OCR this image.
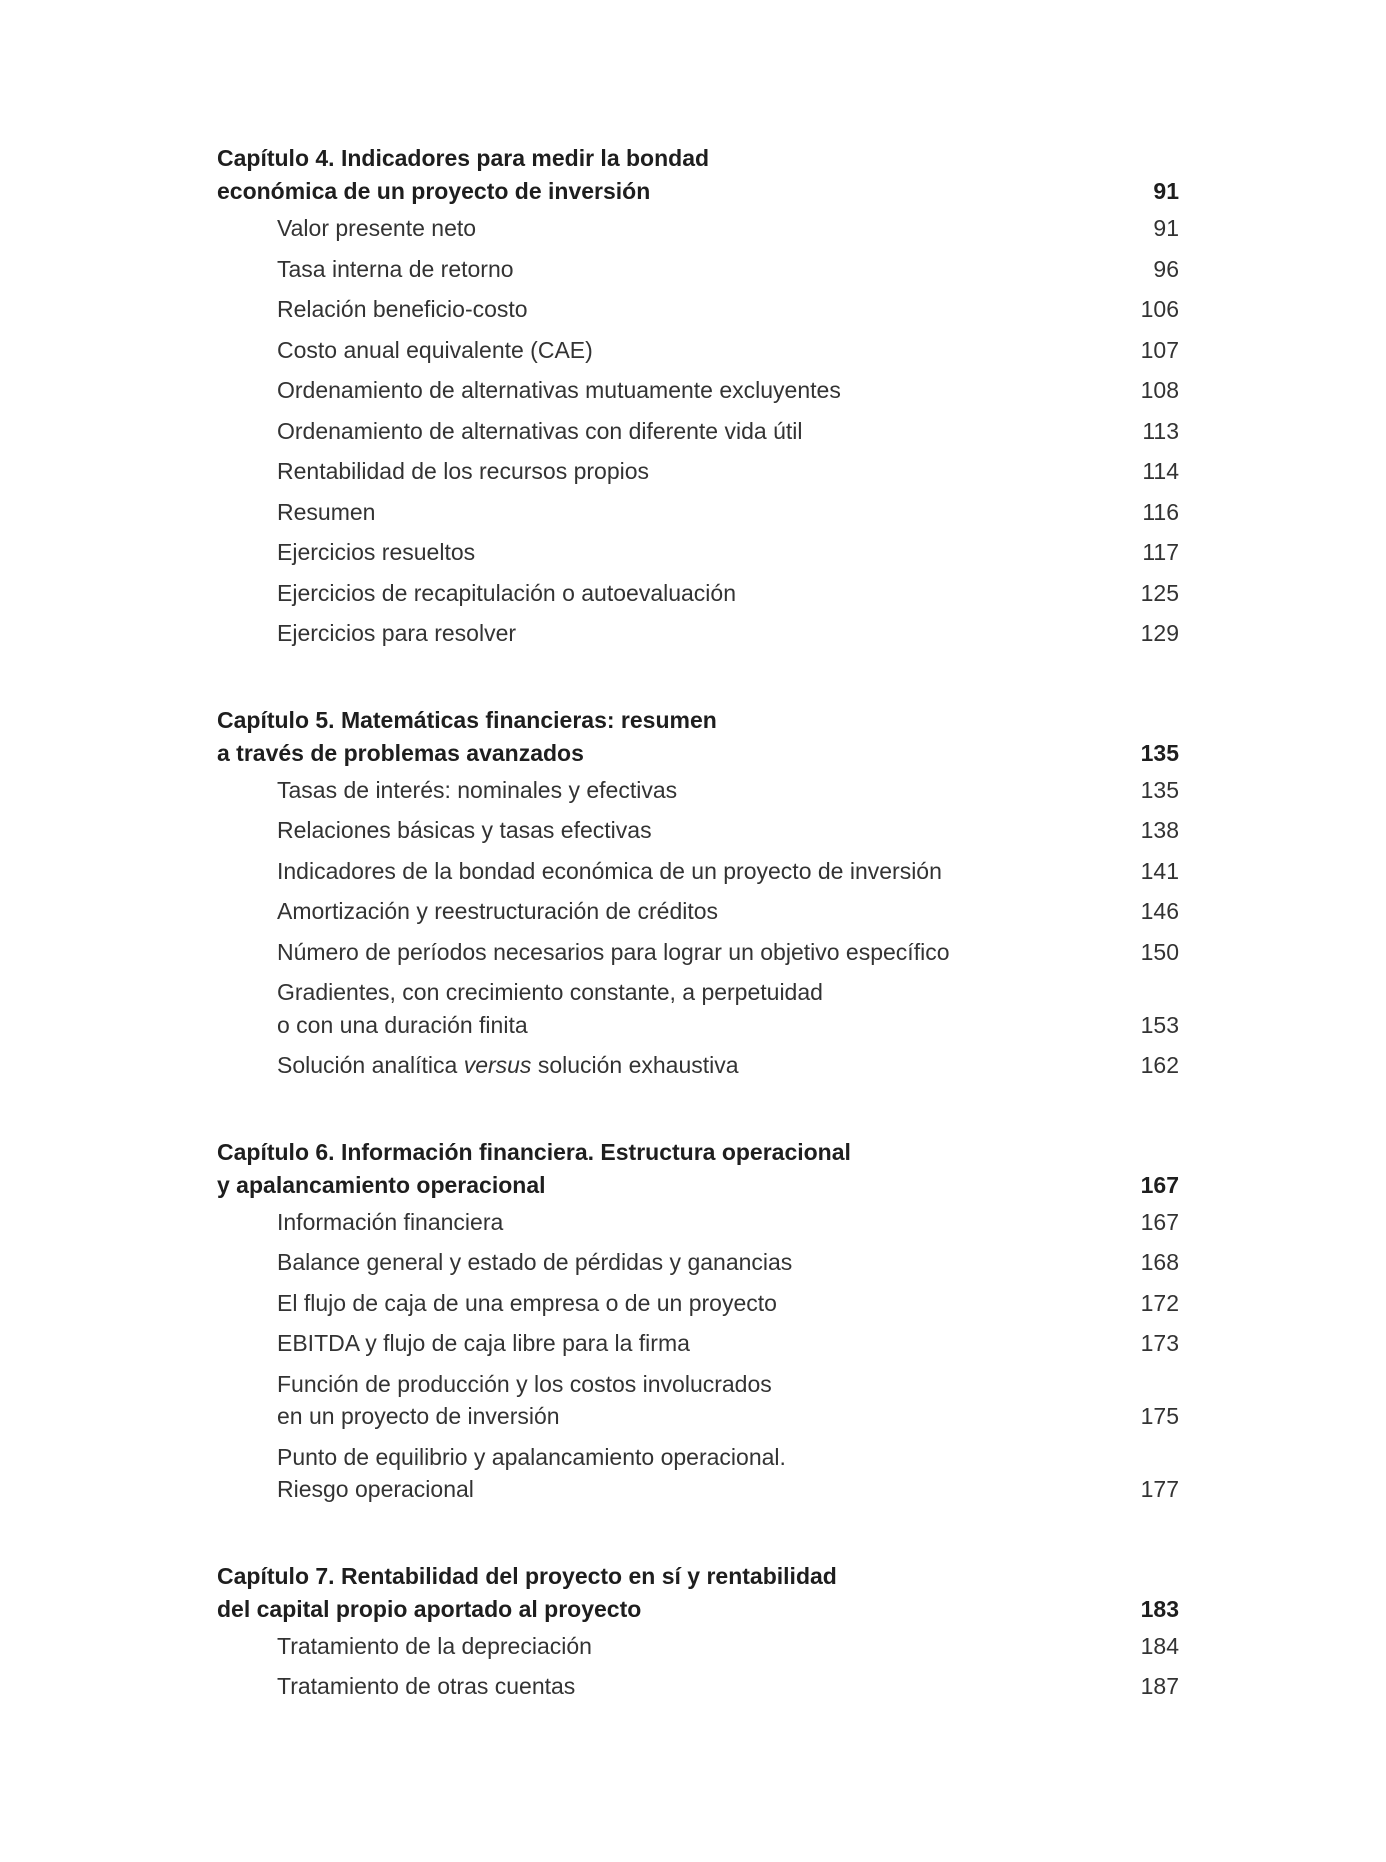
Capítulo 4. Indicadores para medir la bondad
económica de un proyecto de inversión	91
Valor presente neto	91
Tasa interna de retorno	96
Relación beneficio-costo	106
Costo anual equivalente (CAE)	107
Ordenamiento de alternativas mutuamente excluyentes	108
Ordenamiento de alternativas con diferente vida útil	113
Rentabilidad de los recursos propios	114
Resumen	116
Ejercicios resueltos	117
Ejercicios de recapitulación o autoevaluación	125
Ejercicios para resolver	129
Capítulo 5. Matemáticas financieras: resumen
a través de problemas avanzados	135
Tasas de interés: nominales y efectivas	135
Relaciones básicas y tasas efectivas	138
Indicadores de la bondad económica de un proyecto de inversión	141
Amortización y reestructuración de créditos	146
Número de períodos necesarios para lograr un objetivo específico	150
Gradientes, con crecimiento constante, a perpetuidad
o con una duración finita	153
Solución analítica versus solución exhaustiva	162
Capítulo 6. Información financiera. Estructura operacional
y apalancamiento operacional	167
Información financiera	167
Balance general y estado de pérdidas y ganancias	168
El flujo de caja de una empresa o de un proyecto	172
EBITDA y flujo de caja libre para la firma	173
Función de producción y los costos involucrados
en un proyecto de inversión	175
Punto de equilibrio y apalancamiento operacional.
Riesgo operacional	177
Capítulo 7. Rentabilidad del proyecto en sí y rentabilidad
del capital propio aportado al proyecto	183
Tratamiento de la depreciación	184
Tratamiento de otras cuentas	187
